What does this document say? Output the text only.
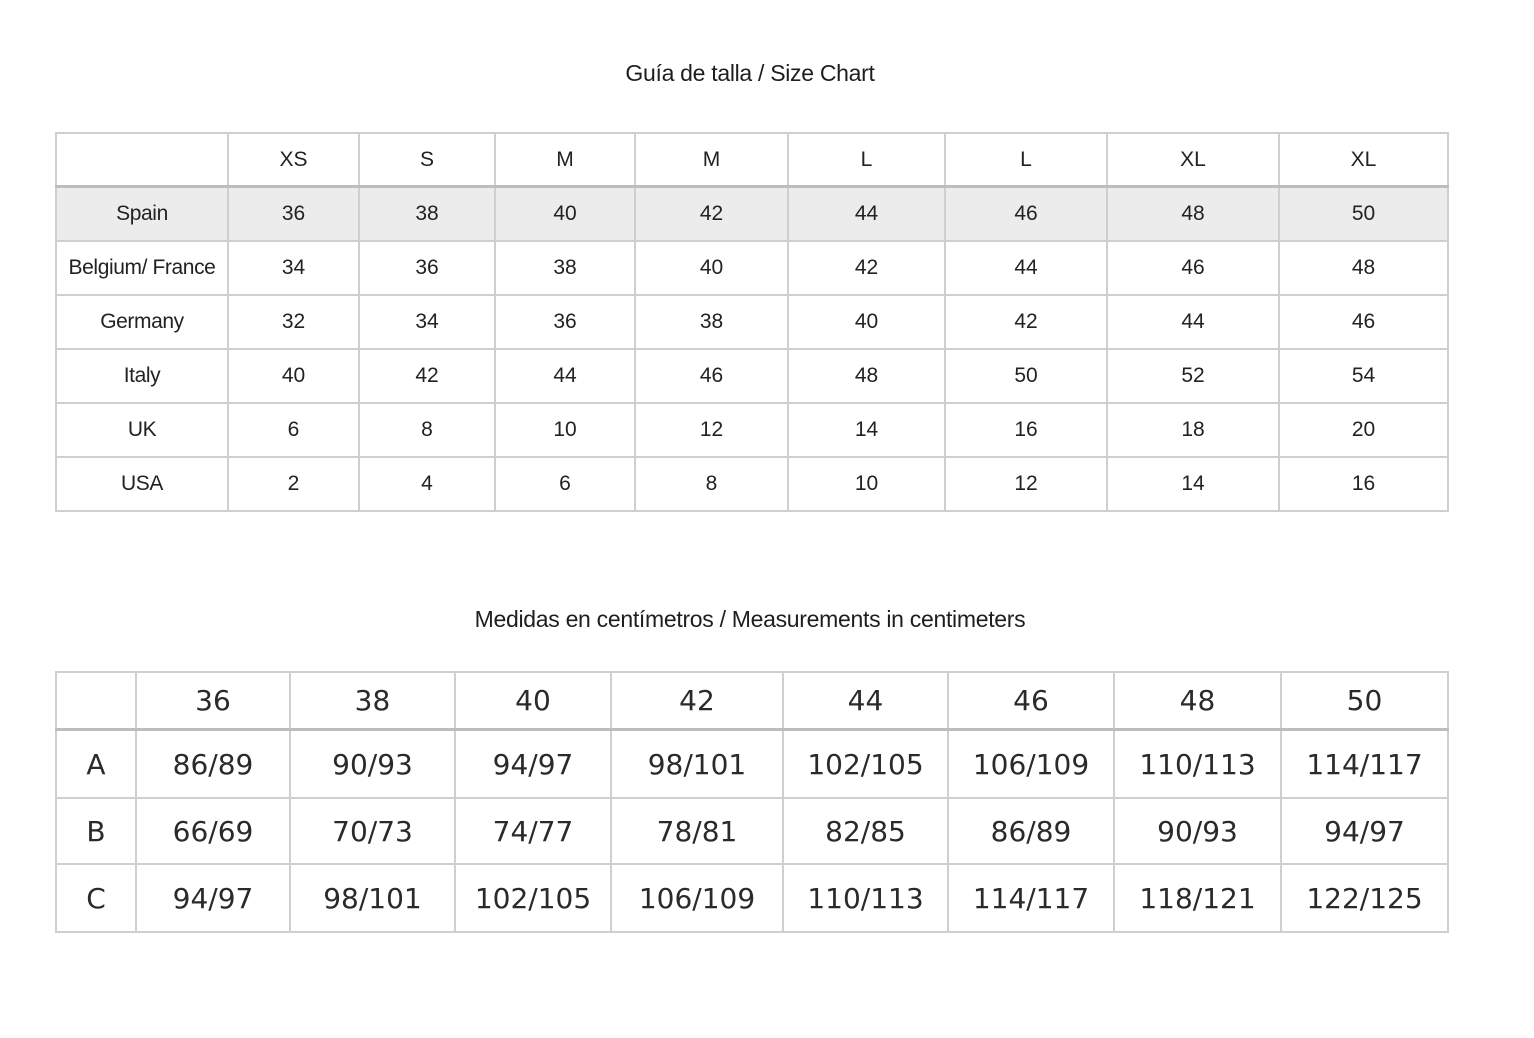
Guía de talla / Size Chart
	XS	S	M	M	L	L	XL	XL
Spain	36	38	40	42	44	46	48	50
Belgium/ France	34	36	38	40	42	44	46	48
Germany	32	34	36	38	40	42	44	46
Italy	40	42	44	46	48	50	52	54
UK	6	8	10	12	14	16	18	20
USA	2	4	6	8	10	12	14	16
Medidas en centímetros / Measurements in centimeters
	36	38	40	42	44	46	48	50
A	86/89	90/93	94/97	98/101	102/105	106/109	110/113	114/117
B	66/69	70/73	74/77	78/81	82/85	86/89	90/93	94/97
C	94/97	98/101	102/105	106/109	110/113	114/117	118/121	122/125
